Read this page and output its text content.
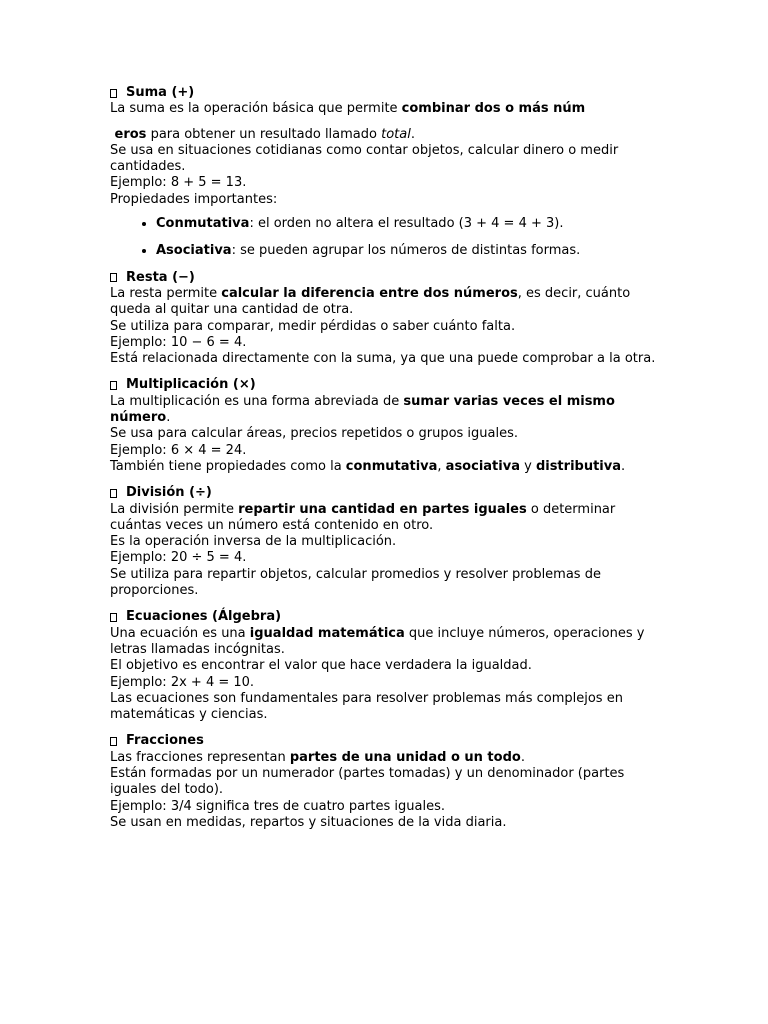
Suma (+)

La suma es la operación básica que permite combinar dos o más núm

eros para obtener un resultado llamado total.

Se usa en situaciones cotidianas como contar objetos, calcular dinero o medir cantidades.

Ejemplo: 8 + 5 = 13.

Propiedades importantes:

• Conmutativa: el orden no altera el resultado (3 + 4 = 4 + 3).
• Asociativa: se pueden agrupar los números de distintas formas.

Resta (−)

La resta permite calcular la diferencia entre dos números, es decir, cuánto queda al quitar una cantidad de otra.

Se utiliza para comparar, medir pérdidas o saber cuánto falta.

Ejemplo: 10 − 6 = 4.

Está relacionada directamente con la suma, ya que una puede comprobar a la otra.

Multiplicación (×)

La multiplicación es una forma abreviada de sumar varias veces el mismo número.

Se usa para calcular áreas, precios repetidos o grupos iguales.

Ejemplo: 6 × 4 = 24.

También tiene propiedades como la conmutativa, asociativa y distributiva.

División (÷)

La división permite repartir una cantidad en partes iguales o determinar cuántas veces un número está contenido en otro.

Es la operación inversa de la multiplicación.

Ejemplo: 20 ÷ 5 = 4.

Se utiliza para repartir objetos, calcular promedios y resolver problemas de proporciones.

Ecuaciones (Álgebra)

Una ecuación es una igualdad matemática que incluye números, operaciones y letras llamadas incógnitas.

El objetivo es encontrar el valor que hace verdadera la igualdad.

Ejemplo: 2x + 4 = 10.

Las ecuaciones son fundamentales para resolver problemas más complejos en matemáticas y ciencias.

Fracciones

Las fracciones representan partes de una unidad o un todo.

Están formadas por un numerador (partes tomadas) y un denominador (partes iguales del todo).

Ejemplo: 3/4 significa tres de cuatro partes iguales.

Se usan en medidas, repartos y situaciones de la vida diaria.
